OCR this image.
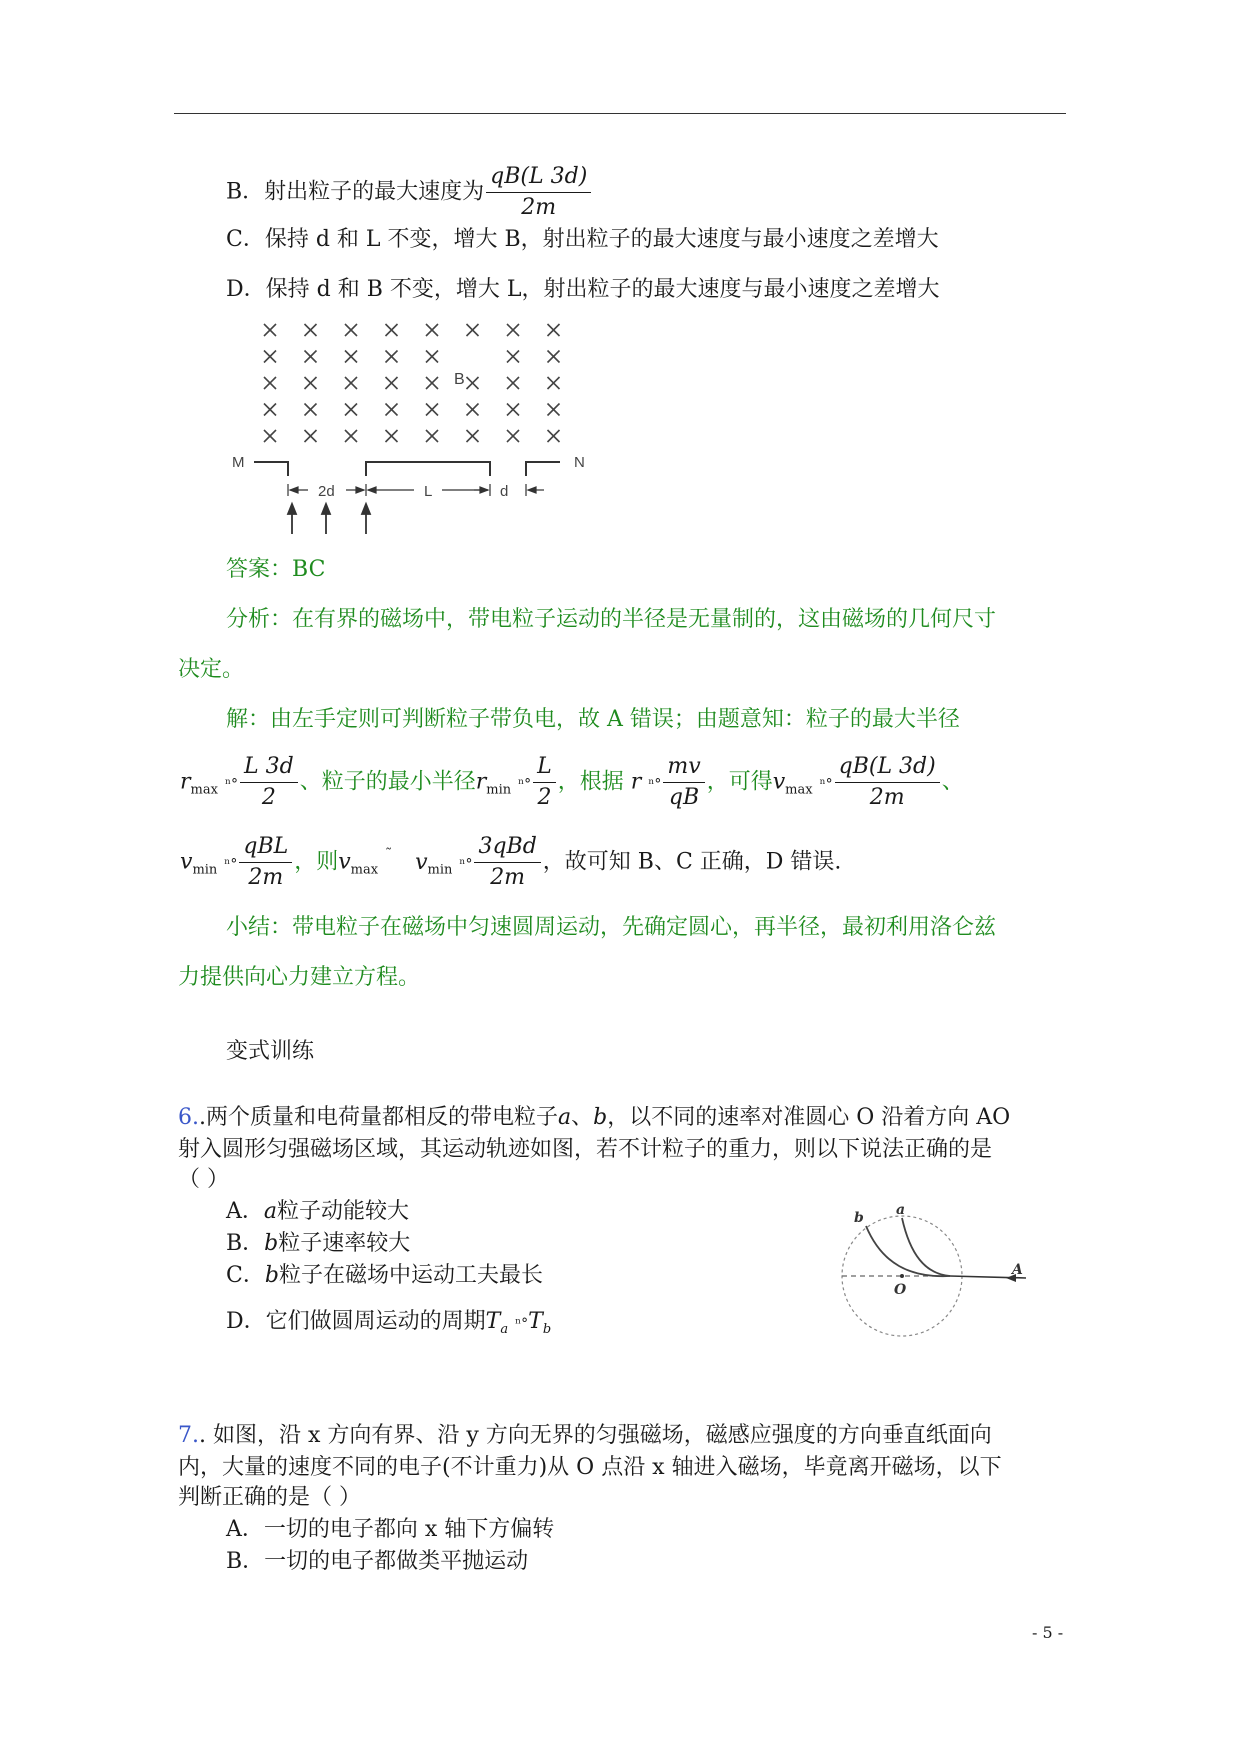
B．射出粒子的最大速度为 $\frac{qB(L 3d)}{2m}$
C．保持 d 和 L 不变，增大 B，射出粒子的最大速度与最小速度之差增大
D．保持 d 和 B 不变，增大 L，射出粒子的最大速度与最小速度之差增大
B
M	N
2d	L	d
答案：BC
分析：在有界的磁场中，带电粒子运动的半径是无量制的，这由磁场的几何尺寸
决定。
解：由左手定则可判断粒子带负电，故 A 错误；由题意知：粒子的最大半径
$r_{max}$ $^n^\circ \frac{L 3d}{2}$ 、粒子的最小半径$r_{min}$ $^n^\circ \frac{L}{2}$ ，根据 r $^n^\circ \frac{mv}{qB}$ ，可得$v_{max}$ $^n^\circ \frac{qB(L 3d)}{2m}$ 、
$v_{min}$ $^n^\circ \frac{\text{qBL}}{2m}$ ，则$v_{max}$ ˜ $v_{min}$ $^n^\circ \frac{\text{3qBd}}{2m}$ ，故可知 B、C 正确，D 错误.
小结：带电粒子在磁场中匀速圆周运动，先确定圆心，再半径，最初利用洛仑兹
力提供向心力建立方程。
变式训练
6..两个质量和电荷量都相反的带电粒子a、b，以不同的速率对准圆心 O 沿着方向 AO
射入圆形匀强磁场区域，其运动轨迹如图，若不计粒子的重力，则以下说法正确的是
（ ）
A．a粒子动能较大
B．b粒子速率较大
C．b粒子在磁场中运动工夫最长
D．它们做圆周运动的周期$T_a$ $^n^\circ T_b$
a
b
O
A
7.. 如图，沿 x 方向有界、沿 y 方向无界的匀强磁场，磁感应强度的方向垂直纸面向
内，大量的速度不同的电子(不计重力)从 O 点沿 x 轴进入磁场，毕竟离开磁场，以下
判断正确的是（ ）
A．一切的电子都向 x 轴下方偏转
B．一切的电子都做类平抛运动
- 5 -
